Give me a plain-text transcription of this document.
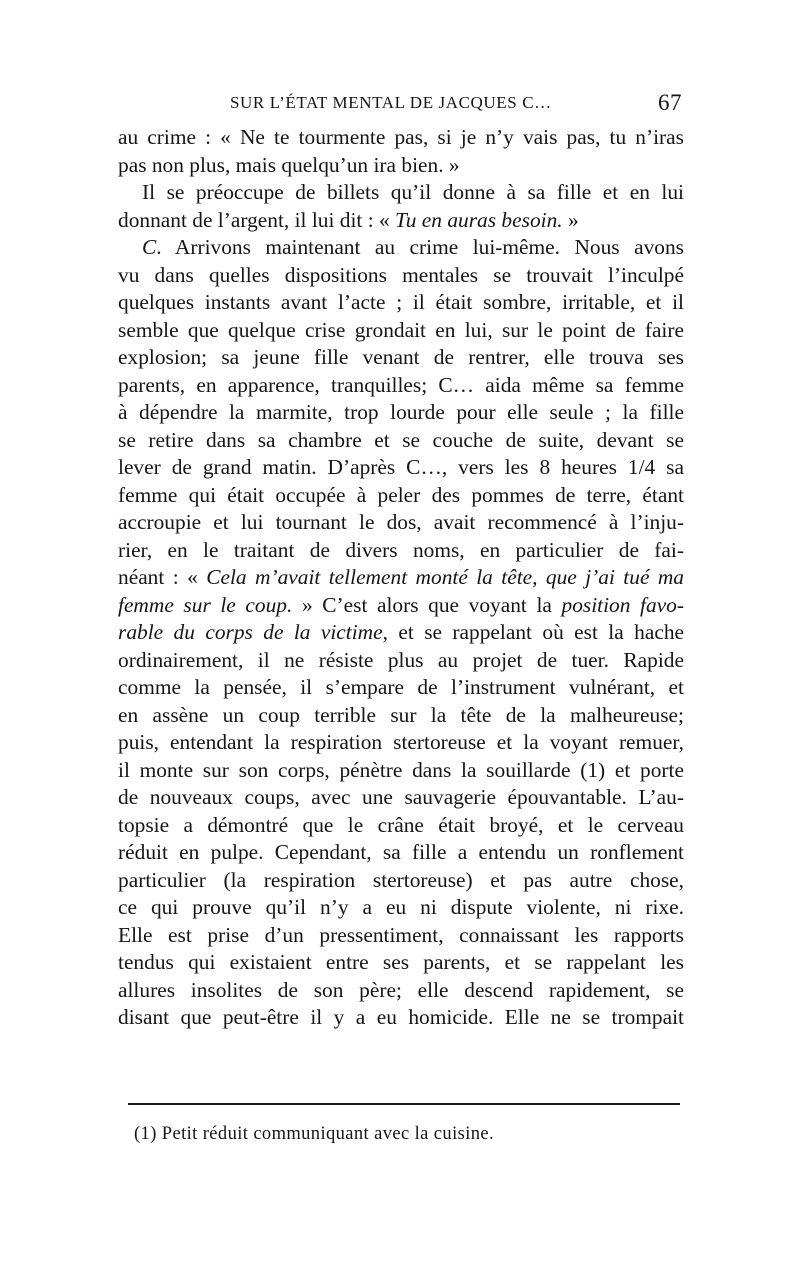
SUR L’ÉTAT MENTAL DE JACQUES C…	67
au crime : « Ne te tourmente pas, si je n’y vais pas, tu n’iras
pas non plus, mais quelqu’un ira bien. »
Il se préoccupe de billets qu’il donne à sa fille et en lui
donnant de l’argent, il lui dit : « Tu en auras besoin. »
C. Arrivons maintenant au crime lui-même. Nous avons
vu dans quelles dispositions mentales se trouvait l’inculpé
quelques instants avant l’acte ; il était sombre, irritable, et il
semble que quelque crise grondait en lui, sur le point de faire
explosion; sa jeune fille venant de rentrer, elle trouva ses
parents, en apparence, tranquilles; C… aida même sa femme
à dépendre la marmite, trop lourde pour elle seule ; la fille
se retire dans sa chambre et se couche de suite, devant se
lever de grand matin. D’après C…, vers les 8 heures 1/4 sa
femme qui était occupée à peler des pommes de terre, étant
accroupie et lui tournant le dos, avait recommencé à l’inju-
rier, en le traitant de divers noms, en particulier de fai-
néant : « Cela m’avait tellement monté la tête, que j’ai tué ma
femme sur le coup. » C’est alors que voyant la position favo-
rable du corps de la victime, et se rappelant où est la hache
ordinairement, il ne résiste plus au projet de tuer. Rapide
comme la pensée, il s’empare de l’instrument vulnérant, et
en assène un coup terrible sur la tête de la malheureuse;
puis, entendant la respiration stertoreuse et la voyant remuer,
il monte sur son corps, pénètre dans la souillarde (1) et porte
de nouveaux coups, avec une sauvagerie épouvantable. L’au-
topsie a démontré que le crâne était broyé, et le cerveau
réduit en pulpe. Cependant, sa fille a entendu un ronflement
particulier (la respiration stertoreuse) et pas autre chose,
ce qui prouve qu’il n’y a eu ni dispute violente, ni rixe.
Elle est prise d’un pressentiment, connaissant les rapports
tendus qui existaient entre ses parents, et se rappelant les
allures insolites de son père; elle descend rapidement, se
disant que peut-être il y a eu homicide. Elle ne se trompait
(1) Petit réduit communiquant avec la cuisine.
